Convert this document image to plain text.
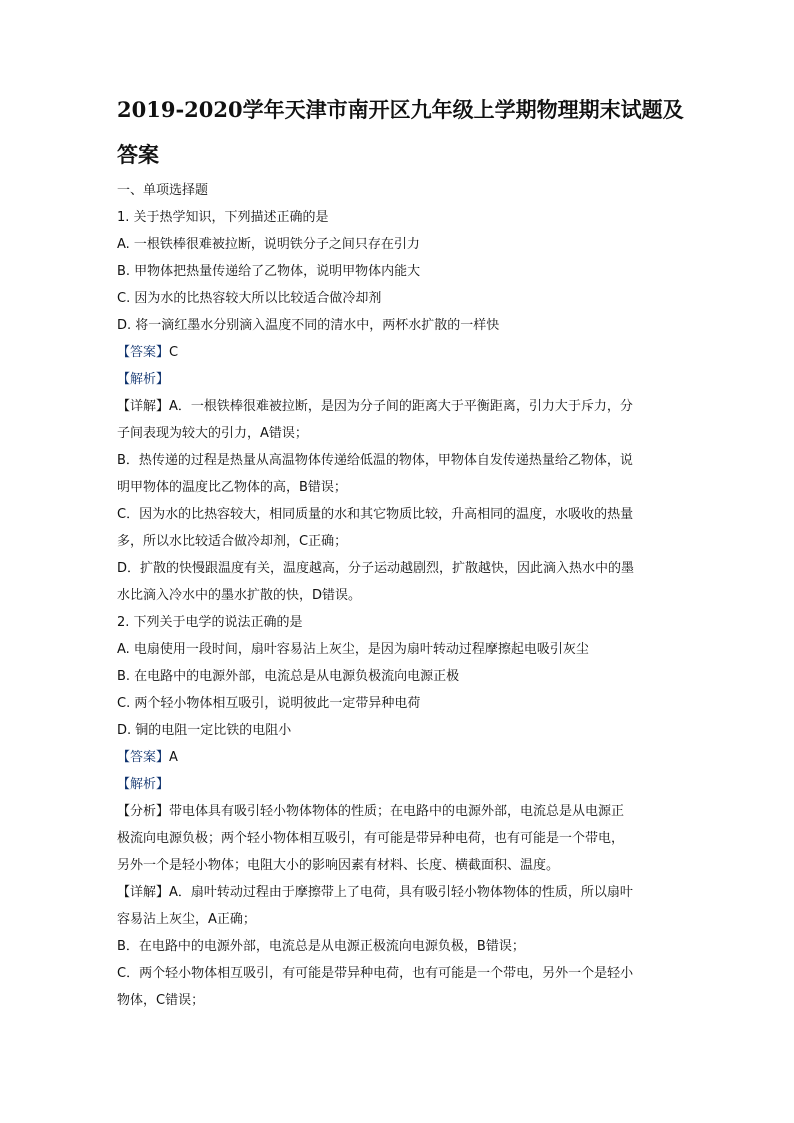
2019-2020学年天津市南开区九年级上学期物理期末试题及
答案
一、单项选择题
1. 关于热学知识，下列描述正确的是
A. 一根铁棒很难被拉断，说明铁分子之间只存在引力
B. 甲物体把热量传递给了乙物体，说明甲物体内能大
C. 因为水的比热容较大所以比较适合做冷却剂
D. 将一滴红墨水分别滴入温度不同的清水中，两杯水扩散的一样快
【答案】C
【解析】
【详解】A．一根铁棒很难被拉断，是因为分子间的距离大于平衡距离，引力大于斥力，分
子间表现为较大的引力，A错误；
B．热传递的过程是热量从高温物体传递给低温的物体，甲物体自发传递热量给乙物体，说
明甲物体的温度比乙物体的高，B错误；
C．因为水的比热容较大，相同质量的水和其它物质比较，升高相同的温度，水吸收的热量
多，所以水比较适合做冷却剂，C正确；
D．扩散的快慢跟温度有关，温度越高，分子运动越剧烈，扩散越快，因此滴入热水中的墨
水比滴入冷水中的墨水扩散的快，D错误。
2. 下列关于电学的说法正确的是
A. 电扇使用一段时间，扇叶容易沾上灰尘，是因为扇叶转动过程摩擦起电吸引灰尘
B. 在电路中的电源外部，电流总是从电源负极流向电源正极
C. 两个轻小物体相互吸引，说明彼此一定带异种电荷
D. 铜的电阻一定比铁的电阻小
【答案】A
【解析】
【分析】带电体具有吸引轻小物体物体的性质；在电路中的电源外部，电流总是从电源正
极流向电源负极；两个轻小物体相互吸引，有可能是带异种电荷，也有可能是一个带电，
另外一个是轻小物体；电阻大小的影响因素有材料、长度、横截面积、温度。
【详解】A．扇叶转动过程由于摩擦带上了电荷，具有吸引轻小物体物体的性质，所以扇叶
容易沾上灰尘，A正确；
B．在电路中的电源外部，电流总是从电源正极流向电源负极，B错误；
C．两个轻小物体相互吸引，有可能是带异种电荷，也有可能是一个带电，另外一个是轻小
物体，C错误；
